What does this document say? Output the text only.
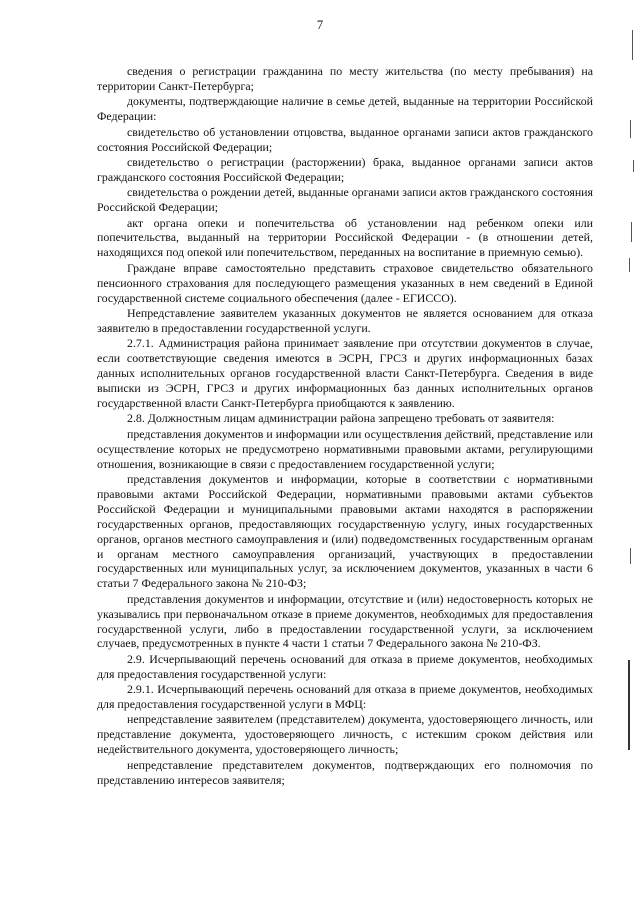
7

сведения о регистрации гражданина по месту жительства (по месту пребывания) на территории Санкт-Петербурга;

документы, подтверждающие наличие в семье детей, выданные на территории Российской Федерации:

свидетельство об установлении отцовства, выданное органами записи актов гражданского состояния Российской Федерации;

свидетельство о регистрации (расторжении) брака, выданное органами записи актов гражданского состояния Российской Федерации;

свидетельства о рождении детей, выданные органами записи актов гражданского состояния Российской Федерации;

акт органа опеки и попечительства об установлении над ребенком опеки или попечительства, выданный на территории Российской Федерации - (в отношении детей, находящихся под опекой или попечительством, переданных на воспитание в приемную семью).

Граждане вправе самостоятельно представить страховое свидетельство обязательного пенсионного страхования для последующего размещения указанных в нем сведений в Единой государственной системе социального обеспечения (далее - ЕГИССО).

Непредставление заявителем указанных документов не является основанием для отказа заявителю в предоставлении государственной услуги.

2.7.1. Администрация района принимает заявление при отсутствии документов в случае, если соответствующие сведения имеются в ЭСРН, ГРСЗ и других информационных базах данных исполнительных органов государственной власти Санкт-Петербурга. Сведения в виде выписки из ЭСРН, ГРСЗ и других информационных баз данных исполнительных органов государственной власти Санкт-Петербурга приобщаются к заявлению.

2.8. Должностным лицам администрации района запрещено требовать от заявителя:

представления документов и информации или осуществления действий, представление или осуществление которых не предусмотрено нормативными правовыми актами, регулирующими отношения, возникающие в связи с предоставлением государственной услуги;

представления документов и информации, которые в соответствии с нормативными правовыми актами Российской Федерации, нормативными правовыми актами субъектов Российской Федерации и муниципальными правовыми актами находятся в распоряжении государственных органов, предоставляющих государственную услугу, иных государственных органов, органов местного самоуправления и (или) подведомственных государственным органам и органам местного самоуправления организаций, участвующих в предоставлении государственных или муниципальных услуг, за исключением документов, указанных в части 6 статьи 7 Федерального закона № 210-ФЗ;

представления документов и информации, отсутствие и (или) недостоверность которых не указывались при первоначальном отказе в приеме документов, необходимых для предоставления государственной услуги, либо в предоставлении государственной услуги, за исключением случаев, предусмотренных в пункте 4 части 1 статьи 7 Федерального закона № 210-ФЗ.

2.9. Исчерпывающий перечень оснований для отказа в приеме документов, необходимых для предоставления государственной услуги:

2.9.1. Исчерпывающий перечень оснований для отказа в приеме документов, необходимых для предоставления государственной услуги в МФЦ:

непредставление заявителем (представителем) документа, удостоверяющего личность, или представление документа, удостоверяющего личность, с истекшим сроком действия или недействительного документа, удостоверяющего личность;

непредставление представителем документов, подтверждающих его полномочия по представлению интересов заявителя;
